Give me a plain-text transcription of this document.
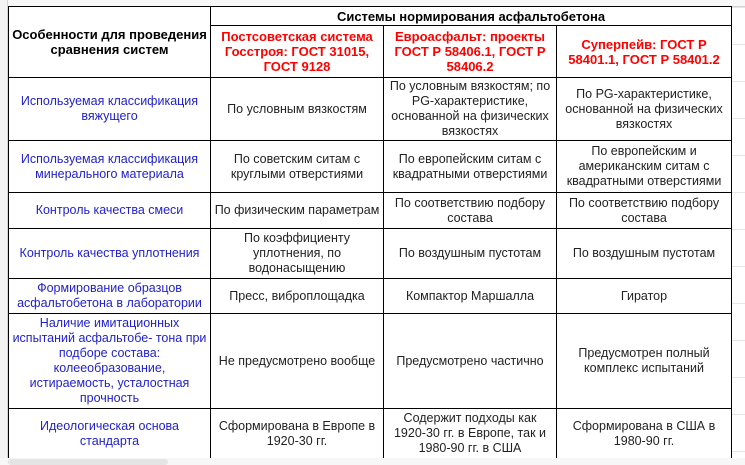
Особенности для проведения сравнения систем	Системы нормирования асфальтобетона		
	Постсоветская система Госстроя: ГОСТ 31015, ГОСТ 9128	Евроасфальт: проекты ГОСТ Р 58406.1, ГОСТ Р 58406.2	Суперпейв: ГОСТ Р 58401.1, ГОСТ Р 58401.2
Используемая классификация вяжущего	По условным вязкостям	По условным вязкостям; по PG-характеристике, основанной на физических вязкостях	По PG-характеристике, основанной на физических вязкостях
Используемая классификация минерального материала	По советским ситам с круглыми отверстиями	По европейским ситам с квадратными отверстиями	По европейским и американским ситам с квадратными отверстиями
Контроль качества смеси	По физическим параметрам	По соответствию подбору состава	По соответствию подбору состава
Контроль качества уплотнения	По коэффициенту уплотнения, по водонасыщению	По воздушным пустотам	По воздушным пустотам
Формирование образцов асфальтобетона в лаборатории	Пресс, виброплощадка	Компактор Маршалла	Гиратор
Наличие имитационных испытаний асфальтобе- тона при подборе состава: колееобразование, истираемость, усталостная прочность	Не предусмотрено вообще	Предусмотрено частично	Предусмотрен полный комплекс испытаний
Идеологическая основа стандарта	Сформирована в Европе в 1920-30 гг.	Содержит подходы как 1920-30 гг. в Европе, так и 1980-90 гг. в США	Сформирована в США в 1980-90 гг.
